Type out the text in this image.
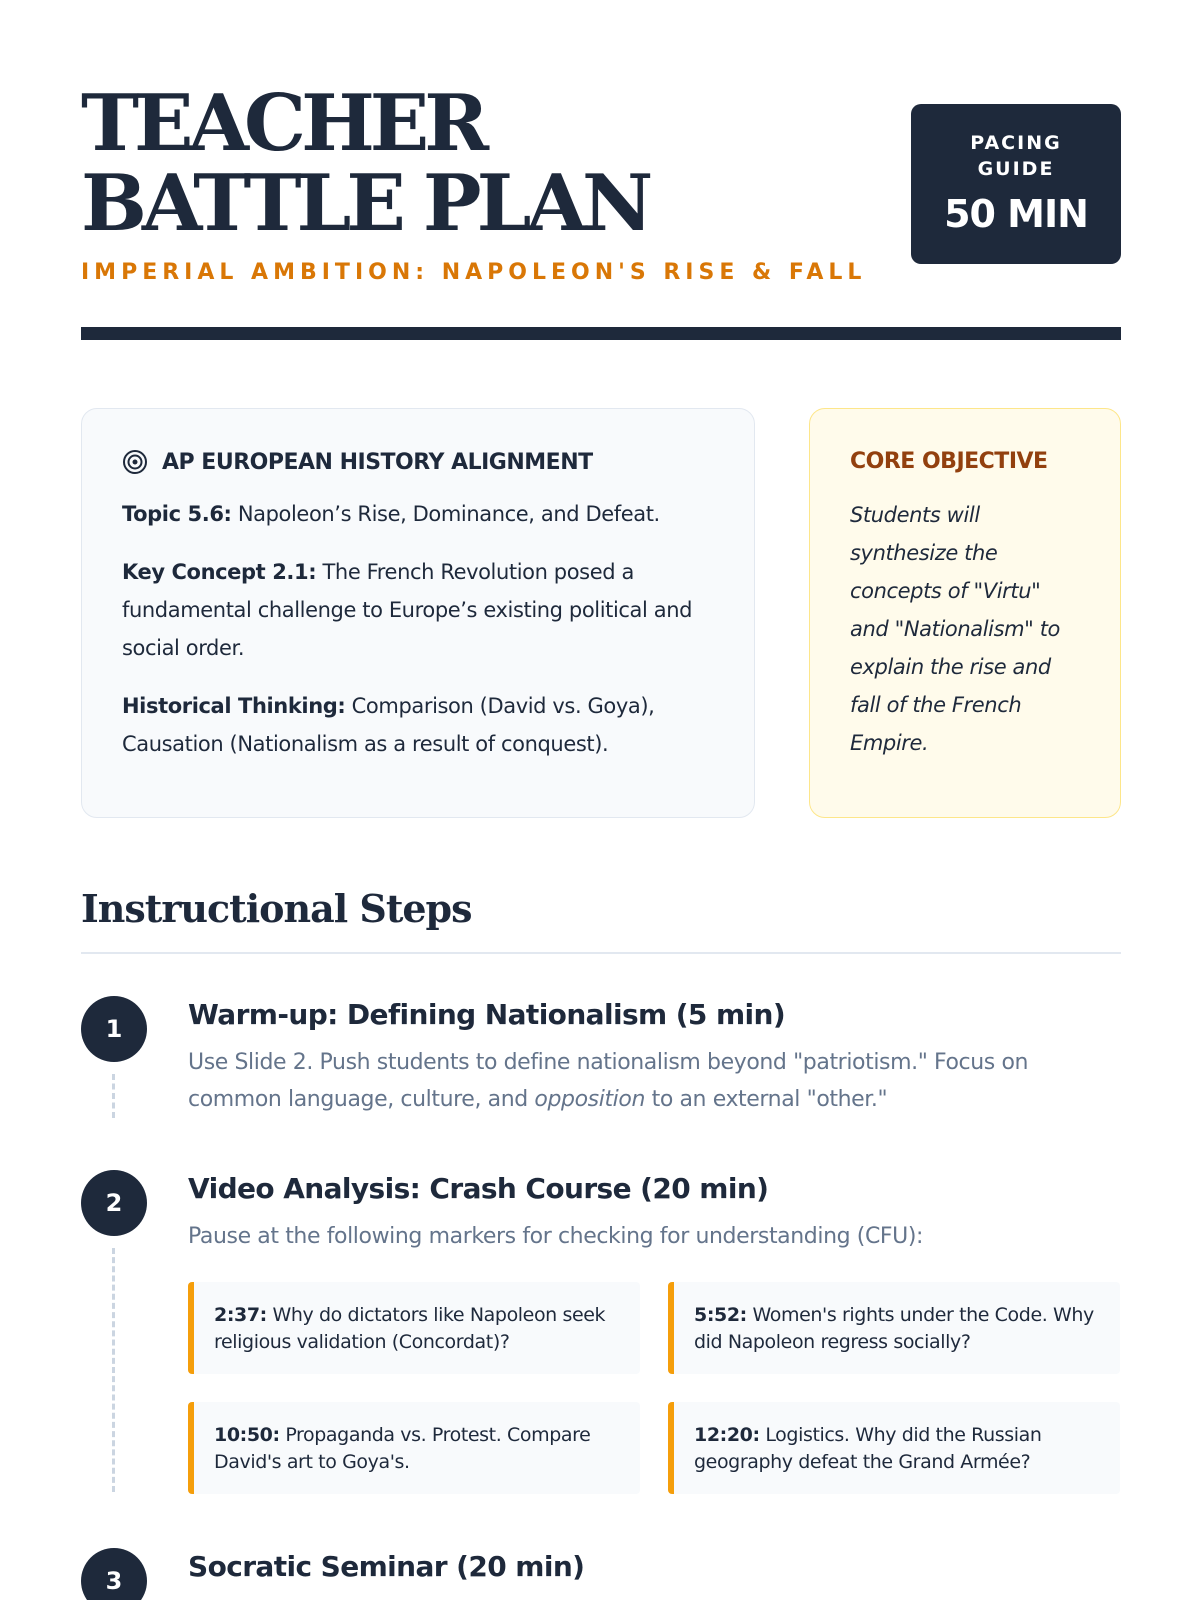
TEACHER BATTLE PLAN
IMPERIAL AMBITION: NAPOLEON'S RISE & FALL
PACING GUIDE
50 MIN
AP EUROPEAN HISTORY ALIGNMENT

Topic 5.6: Napoleon’s Rise, Dominance, and Defeat.

Key Concept 2.1: The French Revolution posed a fundamental challenge to Europe’s existing political and social order.

Historical Thinking: Comparison (David vs. Goya), Causation (Nationalism as a result of conquest).

CORE OBJECTIVE
Students will synthesize the concepts of "Virtu" and "Nationalism" to explain the rise and fall of the French Empire.
Instructional Steps
1	Warm-up: Defining Nationalism (5 min)
Use Slide 2. Push students to define nationalism beyond "patriotism." Focus on common language, culture, and opposition to an external "other."
2	Video Analysis: Crash Course (20 min)
Pause at the following markers for checking for understanding (CFU):
2:37: Why do dictators like Napoleon seek religious validation (Concordat)?
5:52: Women's rights under the Code. Why did Napoleon regress socially?
10:50: Propaganda vs. Protest. Compare David's art to Goya's.
12:20: Logistics. Why did the Russian geography defeat the Grand Armée?
3	Socratic Seminar (20 min)
